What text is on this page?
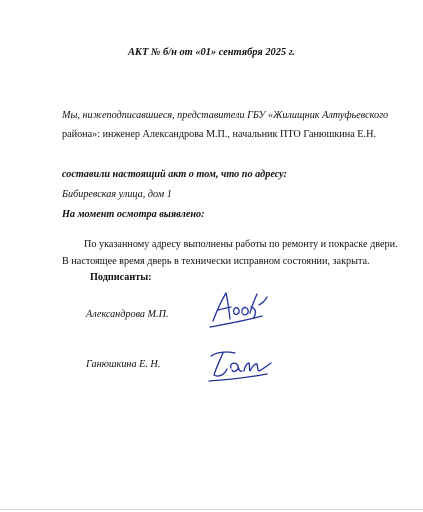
АКТ № б/н от «01» сентября 2025 г.
Мы, нижеподписавшиеся, представители ГБУ «Жилищник Алтуфьевского
района»: инженер Александрова М.П., начальник ПТО Ганюшкина Е.Н.
составили настоящий акт о том, что по адресу:
Бибиревская улица, дом 1
На момент осмотра выявлено:
По указанному адресу выполнены работы по ремонту и покраске двери.
В настоящее время дверь в технически исправном состоянии, закрыта.
Подписанты:
Александрова М.П.
Ганюшкина Е. Н.
